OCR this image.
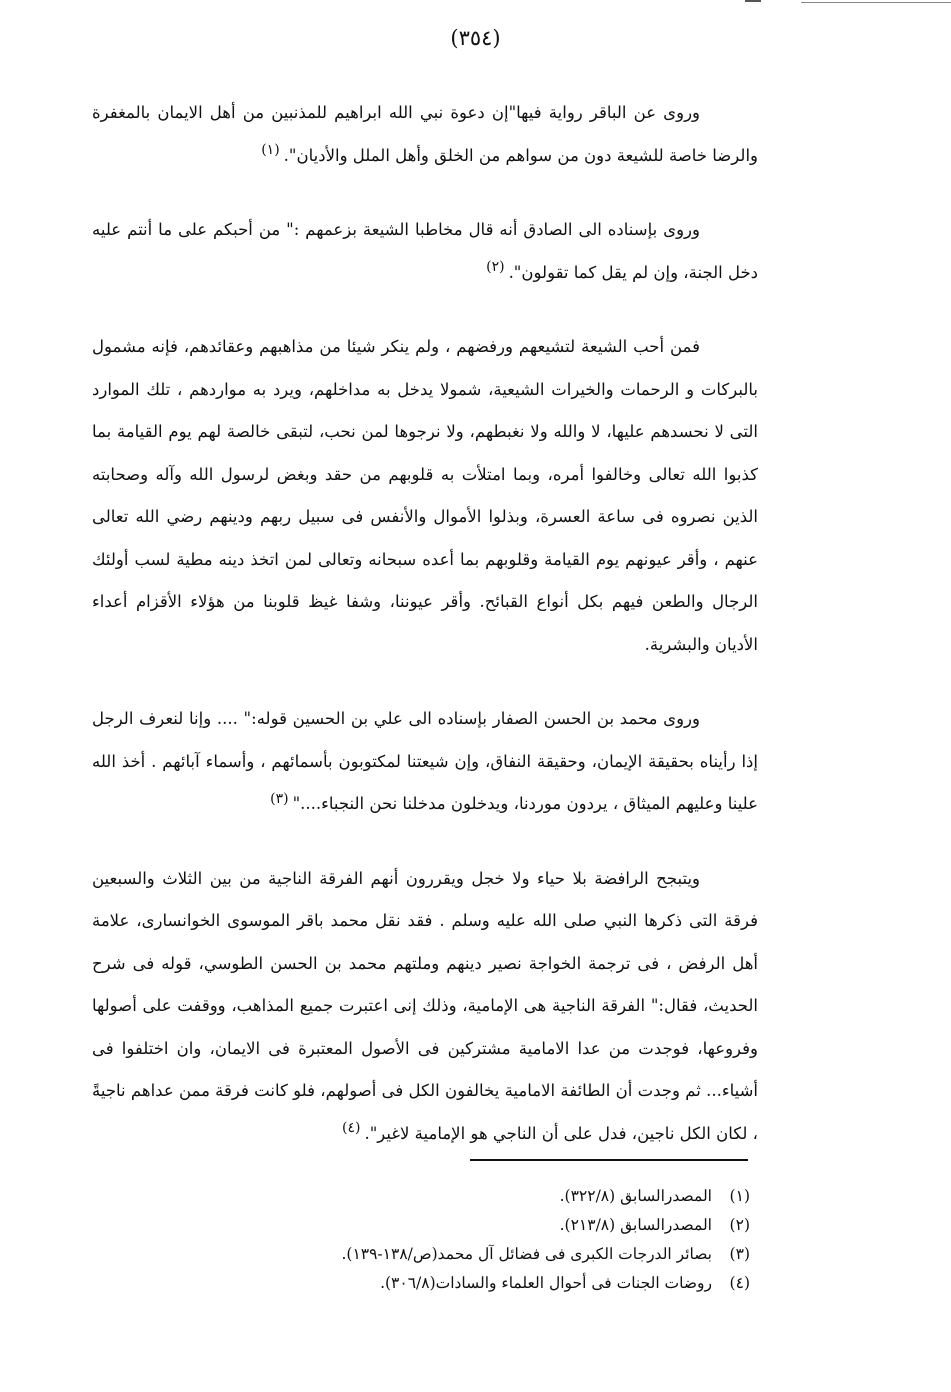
(٣٥٤)

وروى عن الباقر رواية فيها"إن دعوة نبي الله ابراهيم للمذنبين من أهل الايمان بالمغفرة والرضا خاصة للشيعة دون من سواهم من الخلق وأهل الملل والأديان".$^{(١)}$

وروى بإسناده الى الصادق أنه قال مخاطبا الشيعة بزعمهم :" من أحبكم على ما أنتم عليه دخل الجنة، وإن لم يقل كما تقولون".$^{(٢)}$

فمن أحب الشيعة لتشيعهم ورفضهم ، ولم ينكر شيئا من مذاهبهم وعقائدهم، فإنه مشمول بالبركات و الرحمات والخيرات الشيعية، شمولا يدخل به مداخلهم، ويرد به مواردهم ، تلك الموارد التى لا نحسدهم عليها، لا والله ولا نغبطهم، ولا نرجوها لمن نحب، لتبقى خالصة لهم يوم القيامة بما كذبوا الله تعالى وخالفوا أمره، وبما امتلأت به قلوبهم من حقد وبغض لرسول الله وآله وصحابته الذين نصروه فى ساعة العسرة، وبذلوا الأموال والأنفس فى سبيل ربهم ودينهم رضي الله تعالى عنهم ، وأقر عيونهم يوم القيامة وقلوبهم بما أعده سبحانه وتعالى لمن اتخذ دينه مطية لسب أولئك الرجال والطعن فيهم بكل أنواع القبائح. وأقر عيوننا، وشفا غيظ قلوبنا من هؤلاء الأقزام أعداء الأديان والبشرية.

وروى محمد بن الحسن الصفار بإسناده الى علي بن الحسين قوله:" .... وإنا لنعرف الرجل إذا رأيناه بحقيقة الإيمان، وحقيقة النفاق، وإن شيعتنا لمكتوبون بأسمائهم ، وأسماء آبائهم . أخذ الله علينا وعليهم الميثاق ، يردون موردنا، ويدخلون مدخلنا نحن النجباء...."$^{(٣)}$

ويتبجح الرافضة بلا حياء ولا خجل ويقررون أنهم الفرقة الناجية من بين الثلاث والسبعين فرقة التى ذكرها النبي صلى الله عليه وسلم . فقد نقل محمد باقر الموسوى الخوانسارى، علامة أهل الرفض ، فى ترجمة الخواجة نصير دينهم وملتهم محمد بن الحسن الطوسي، قوله فى شرح الحديث، فقال:" الفرقة الناجية هى الإمامية، وذلك إنى اعتبرت جميع المذاهب، ووقفت على أصولها وفروعها، فوجدت من عدا الامامية مشتركين فى الأصول المعتبرة فى الايمان، وان اختلفوا فى أشياء... ثم وجدت أن الطائفة الامامية يخالفون الكل فى أصولهم، فلو كانت فرقة ممن عداهم ناجيةً ، لكان الكل ناجين، فدل على أن الناجي هو الإمامية لاغير".$^{(٤)}$

(١)المصدرالسابق (٣٢٢/٨).
(٢)المصدرالسابق (٢١٣/٨).
(٣)بصائر الدرجات الكبرى فى فضائل آل محمد(ص/١٣٨-١٣٩).
(٤)روضات الجنات فى أحوال العلماء والسادات(٣٠٦/٨).
